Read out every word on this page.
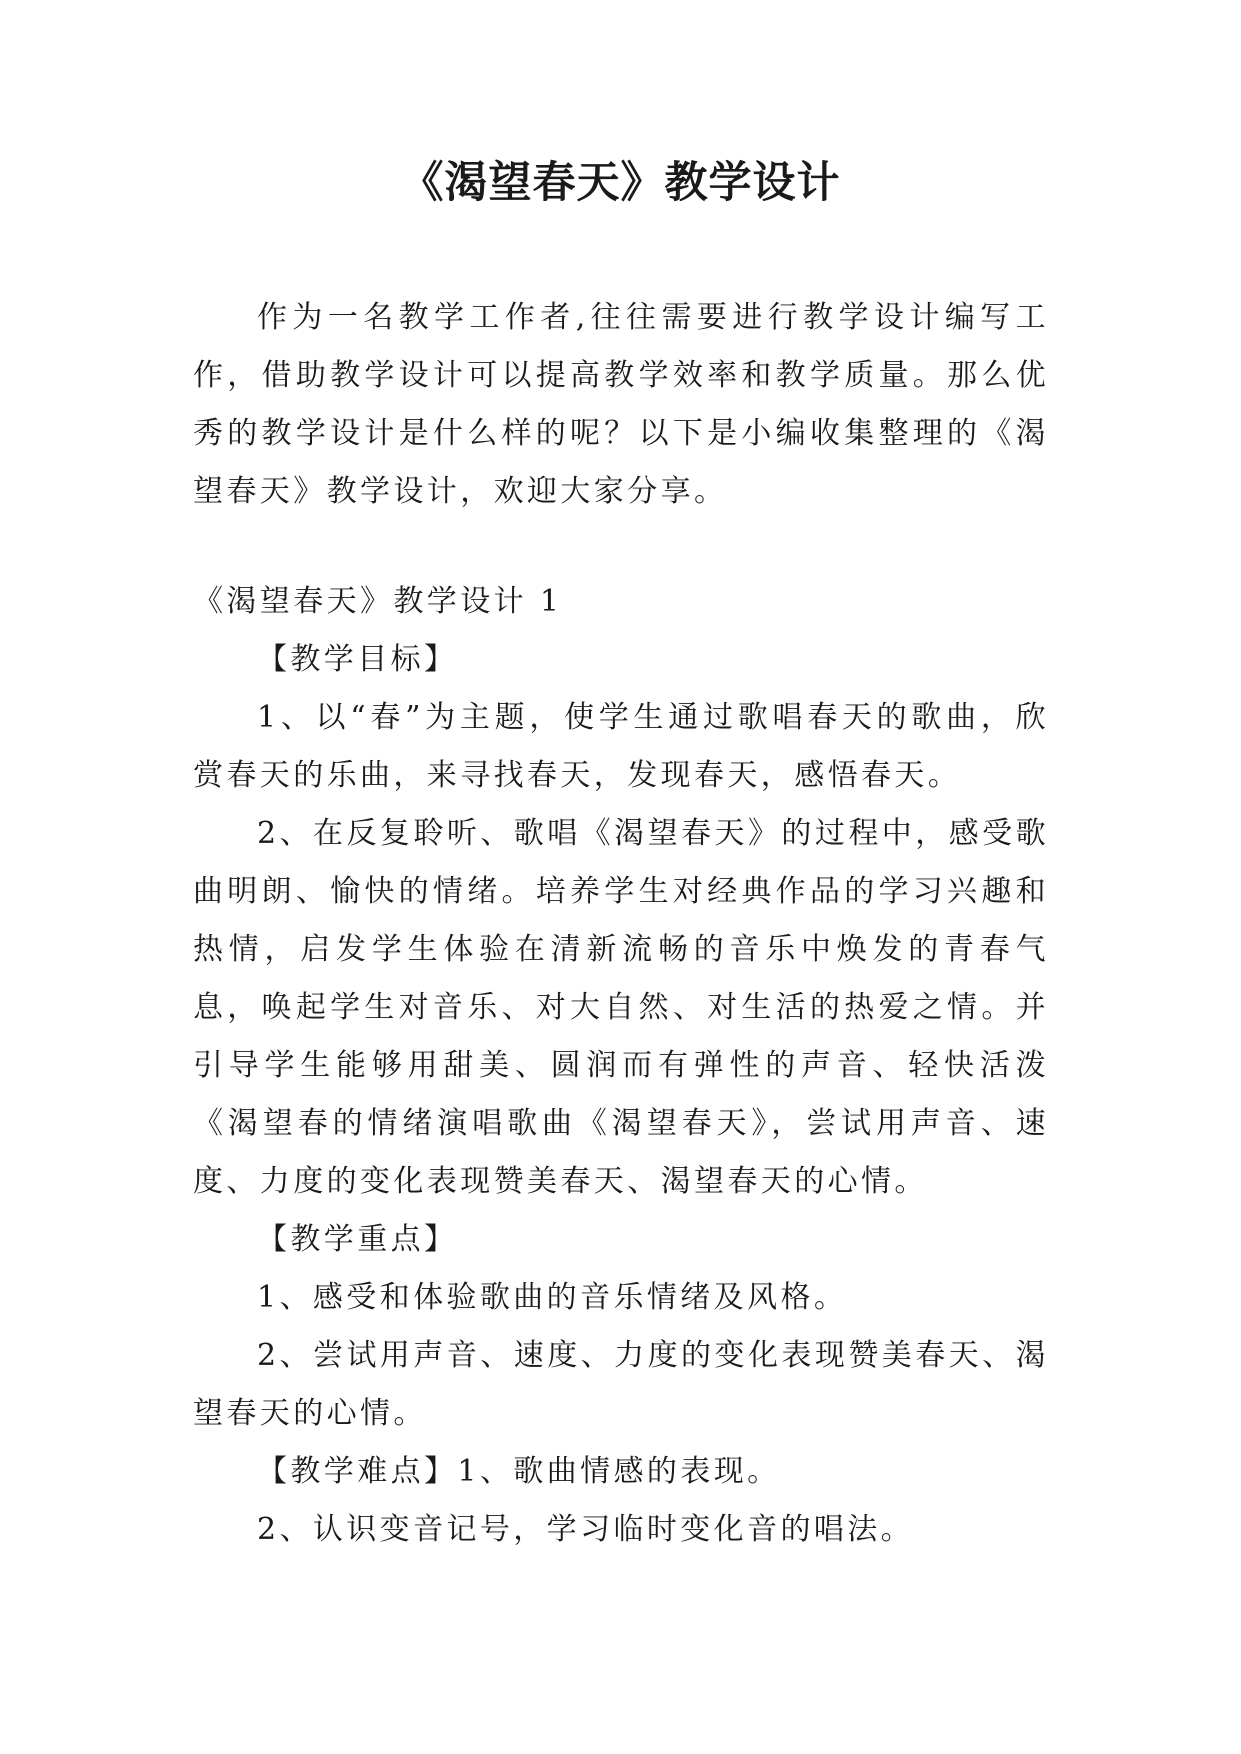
《渴望春天》教学设计

作为一名教学工作者,往往需要进行教学设计编写工作，借助教学设计可以提高教学效率和教学质量。那么优秀的教学设计是什么样的呢？以下是小编收集整理的《渴望春天》教学设计，欢迎大家分享。

《渴望春天》教学设计 1

【教学目标】

1、以“春”为主题，使学生通过歌唱春天的歌曲，欣赏春天的乐曲，来寻找春天，发现春天，感悟春天。

2、在反复聆听、歌唱《渴望春天》的过程中，感受歌曲明朗、愉快的情绪。培养学生对经典作品的学习兴趣和热情，启发学生体验在清新流畅的音乐中焕发的青春气息，唤起学生对音乐、对大自然、对生活的热爱之情。并引导学生能够用甜美、圆润而有弹性的声音、轻快活泼《渴望春的情绪演唱歌曲《渴望春天》，尝试用声音、速度、力度的变化表现赞美春天、渴望春天的心情。

【教学重点】

1、感受和体验歌曲的音乐情绪及风格。

2、尝试用声音、速度、力度的变化表现赞美春天、渴望春天的心情。

【教学难点】1、歌曲情感的表现。

2、认识变音记号，学习临时变化音的唱法。
